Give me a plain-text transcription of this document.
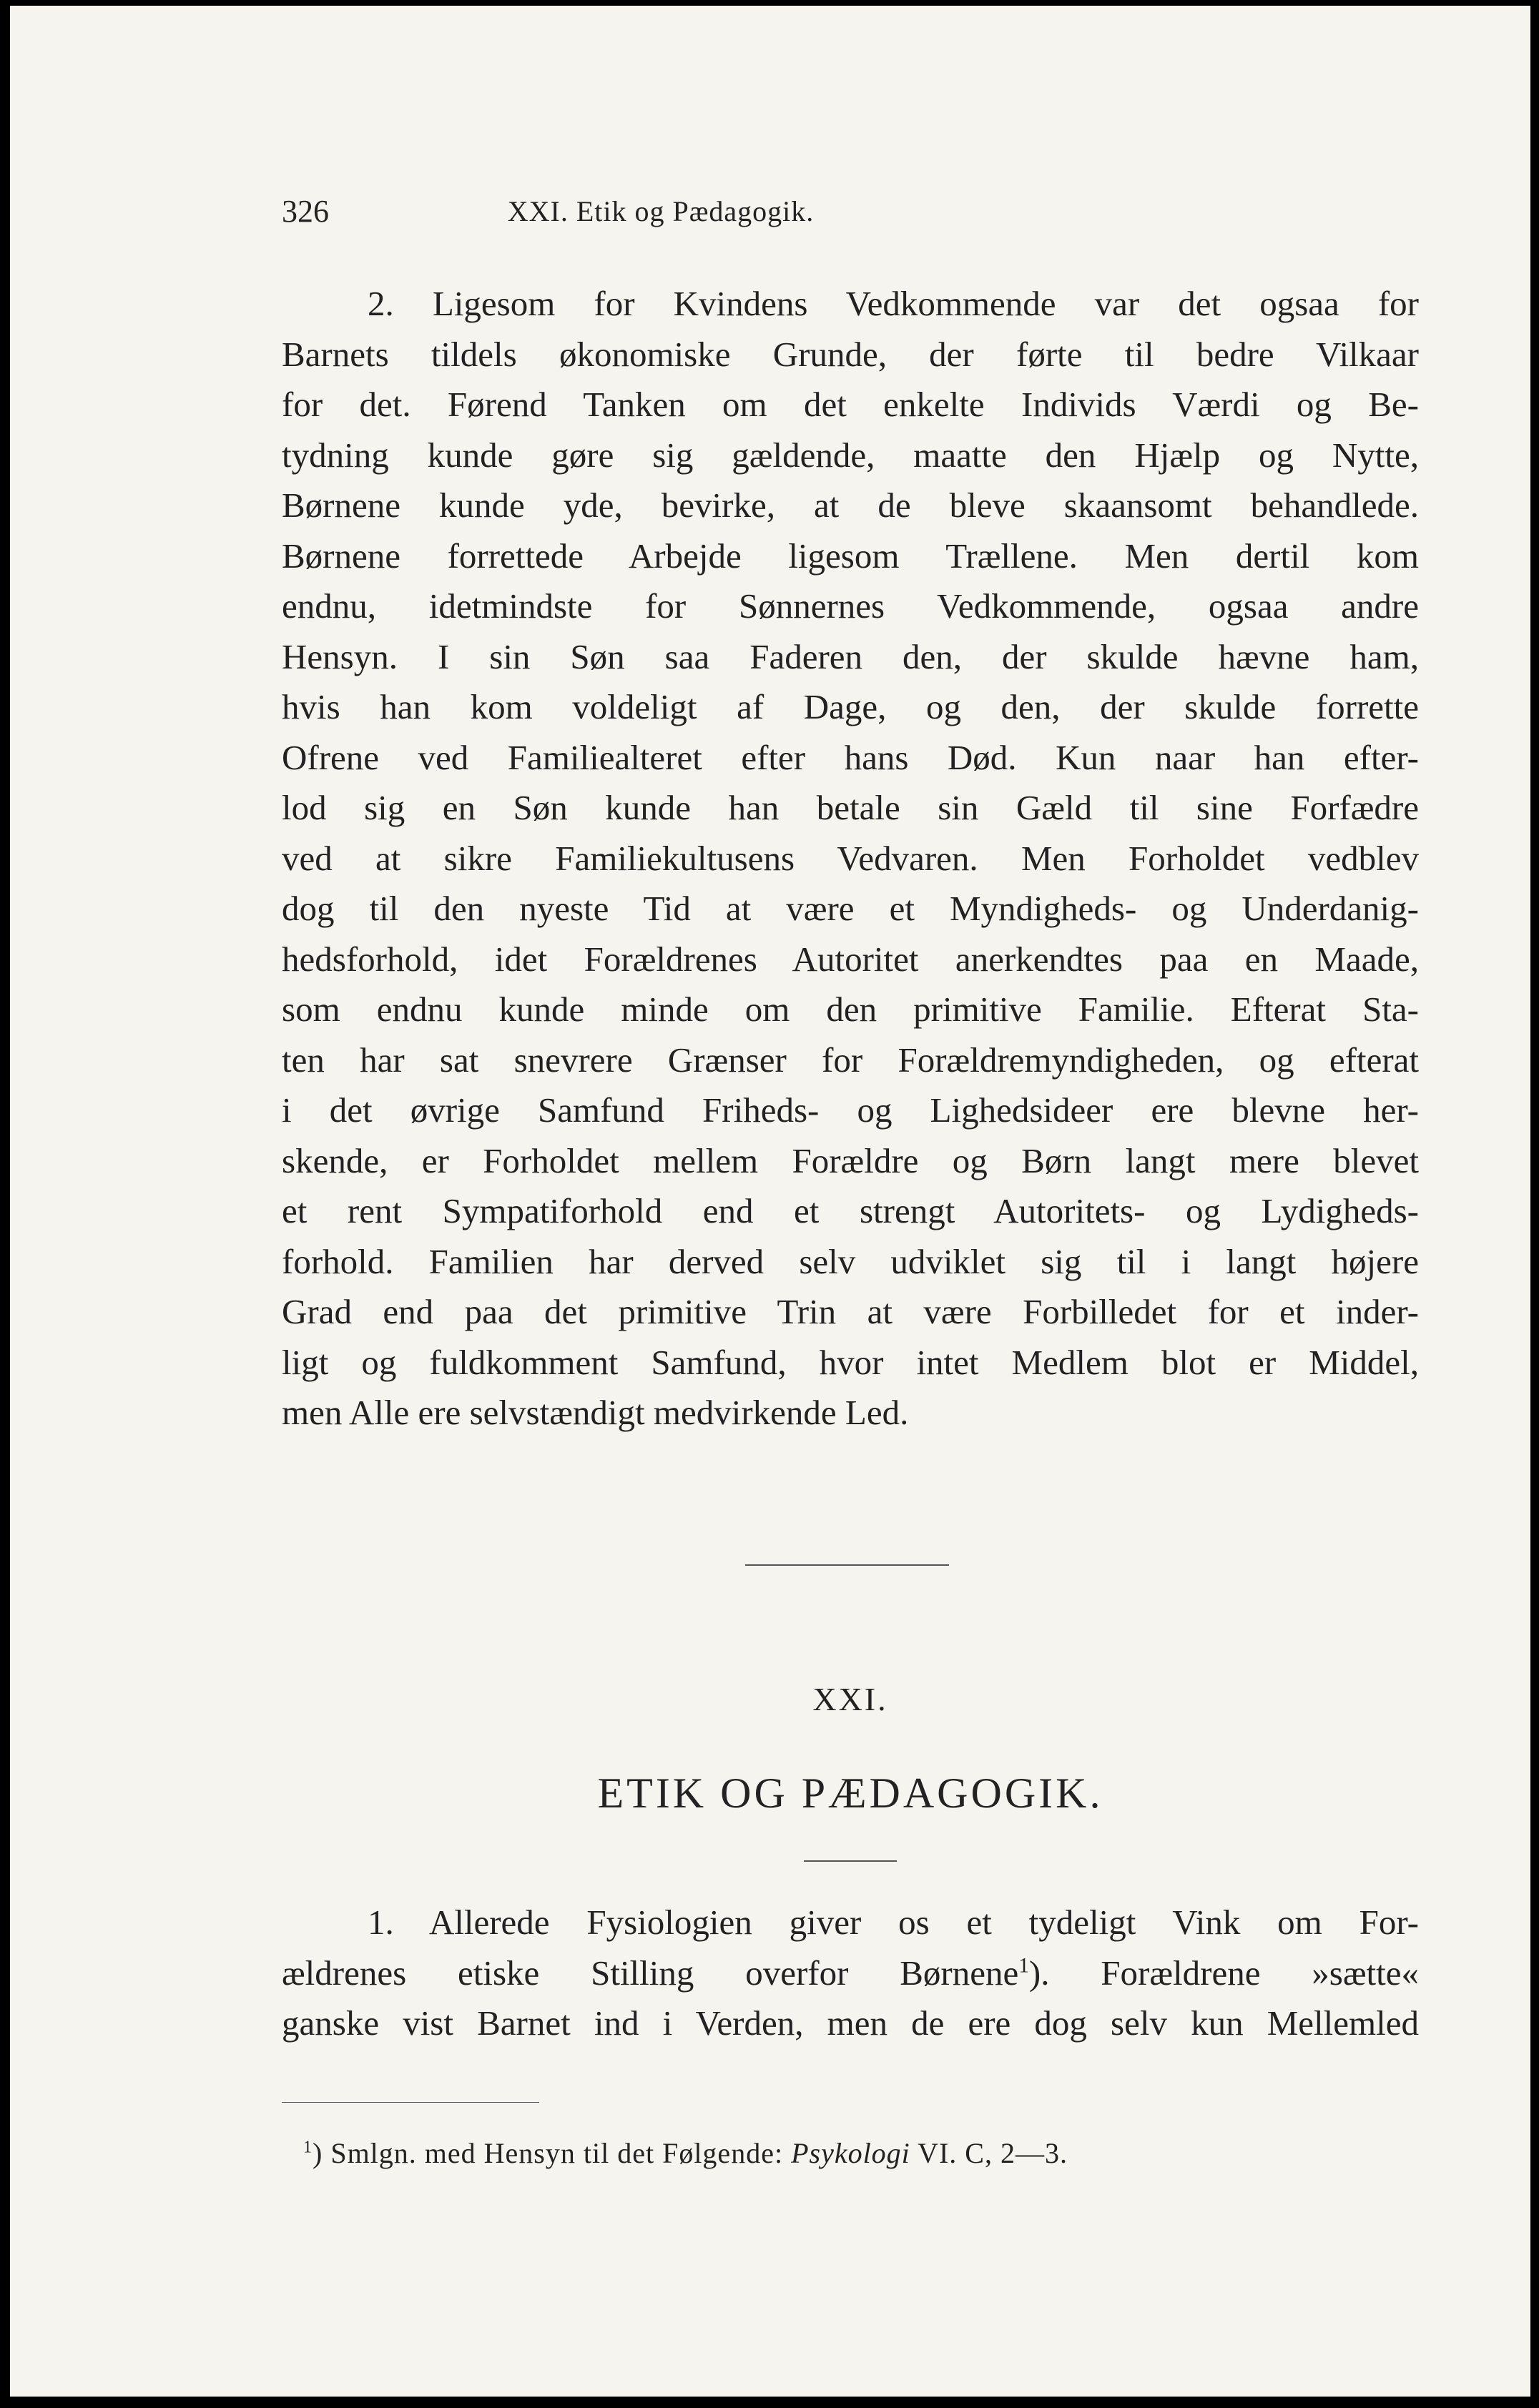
326	XXI. Etik og Pædagogik.
2. Ligesom for Kvindens Vedkommende var det ogsaa for
Barnets tildels økonomiske Grunde, der førte til bedre Vilkaar
for det. Førend Tanken om det enkelte Individs Værdi og Be-
tydning kunde gøre sig gældende, maatte den Hjælp og Nytte,
Børnene kunde yde, bevirke, at de bleve skaansomt behandlede.
Børnene forrettede Arbejde ligesom Trællene. Men dertil kom
endnu, idetmindste for Sønnernes Vedkommende, ogsaa andre
Hensyn. I sin Søn saa Faderen den, der skulde hævne ham,
hvis han kom voldeligt af Dage, og den, der skulde forrette
Ofrene ved Familiealteret efter hans Død. Kun naar han efter-
lod sig en Søn kunde han betale sin Gæld til sine Forfædre
ved at sikre Familiekultusens Vedvaren. Men Forholdet vedblev
dog til den nyeste Tid at være et Myndigheds- og Underdanig-
hedsforhold, idet Forældrenes Autoritet anerkendtes paa en Maade,
som endnu kunde minde om den primitive Familie. Efterat Sta-
ten har sat snevrere Grænser for Forældremyndigheden, og efterat
i det øvrige Samfund Friheds- og Lighedsideer ere blevne her-
skende, er Forholdet mellem Forældre og Børn langt mere blevet
et rent Sympatiforhold end et strengt Autoritets- og Lydigheds-
forhold. Familien har derved selv udviklet sig til i langt højere
Grad end paa det primitive Trin at være Forbilledet for et inder-
ligt og fuldkomment Samfund, hvor intet Medlem blot er Middel,
men Alle ere selvstændigt medvirkende Led.
XXI.
ETIK OG PÆDAGOGIK.
1. Allerede Fysiologien giver os et tydeligt Vink om For-
ældrenes etiske Stilling overfor Børnene$^1$). Forældrene »sætte«
ganske vist Barnet ind i Verden, men de ere dog selv kun Mellemled
$^1$) Smlgn. med Hensyn til det Følgende: Psykologi VI. C, 2—3.
